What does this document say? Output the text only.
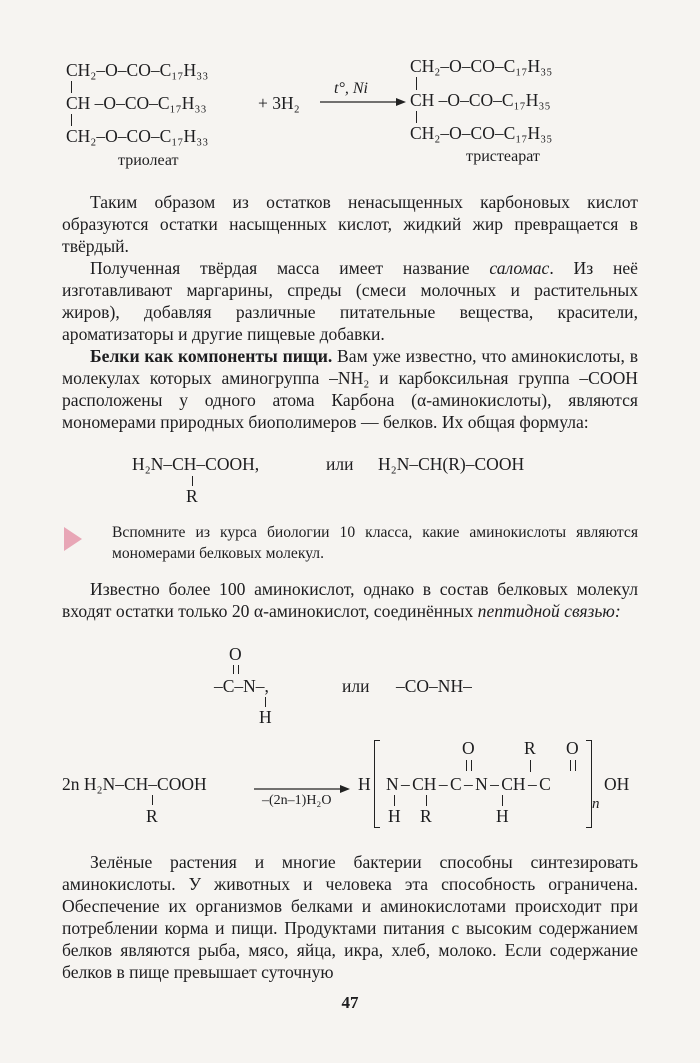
CH₂–O–CO–C₁₇H₃₃
CH –O–CO–C₁₇H₃₃
CH₂–O–CO–C₁₇H₃₃
+ 3H₂
t°, Ni
CH₂–O–CO–C₁₇H₃₅
CH –O–CO–C₁₇H₃₅
CH₂–O–CO–C₁₇H₃₅
триолеат	тристеарат

Таким образом из остатков ненасыщенных карбоновых кислот образуются остатки насыщенных кислот, жидкий жир превращается в твёрдый.

Полученная твёрдая масса имеет название саломас. Из неё изготавливают маргарины, спреды (смеси молочных и растительных жиров), добавляя различные питательные вещества, красители, ароматизаторы и другие пищевые добавки.

Белки как компоненты пищи. Вам уже известно, что аминокислоты, в молекулах которых аминогруппа –NH₂ и карбоксильная группа –COOH расположены у одного атома Карбона (α-аминокислоты), являются мономерами природных биополимеров — белков. Их общая формула:

H₂N–CH–COOH,
R
или H₂N–CH(R)–COOH
Вспомните из курса биологии 10 класса, какие аминокислоты являются мономерами белковых молекул.

Известно более 100 аминокислот, однако в состав белковых молекул входят остатки только 20 α-аминокислот, соединённых пептидной связью:

O
–C–N–,
H
или –CO–NH–
2n H₂N–CH–COOH
R
–(2n–1)H₂O
H N – CH – C – N – CH – C
O	R O
H R	H
n
OH

Зелёные растения и многие бактерии способны синтезировать аминокислоты. У животных и человека эта способность ограничена. Обеспечение их организмов белками и аминокислотами происходит при потреблении корма и пищи. Продуктами питания с высоким содержанием белков являются рыба, мясо, яйца, икра, хлеб, молоко. Если содержание белков в пище превышает суточную

47
